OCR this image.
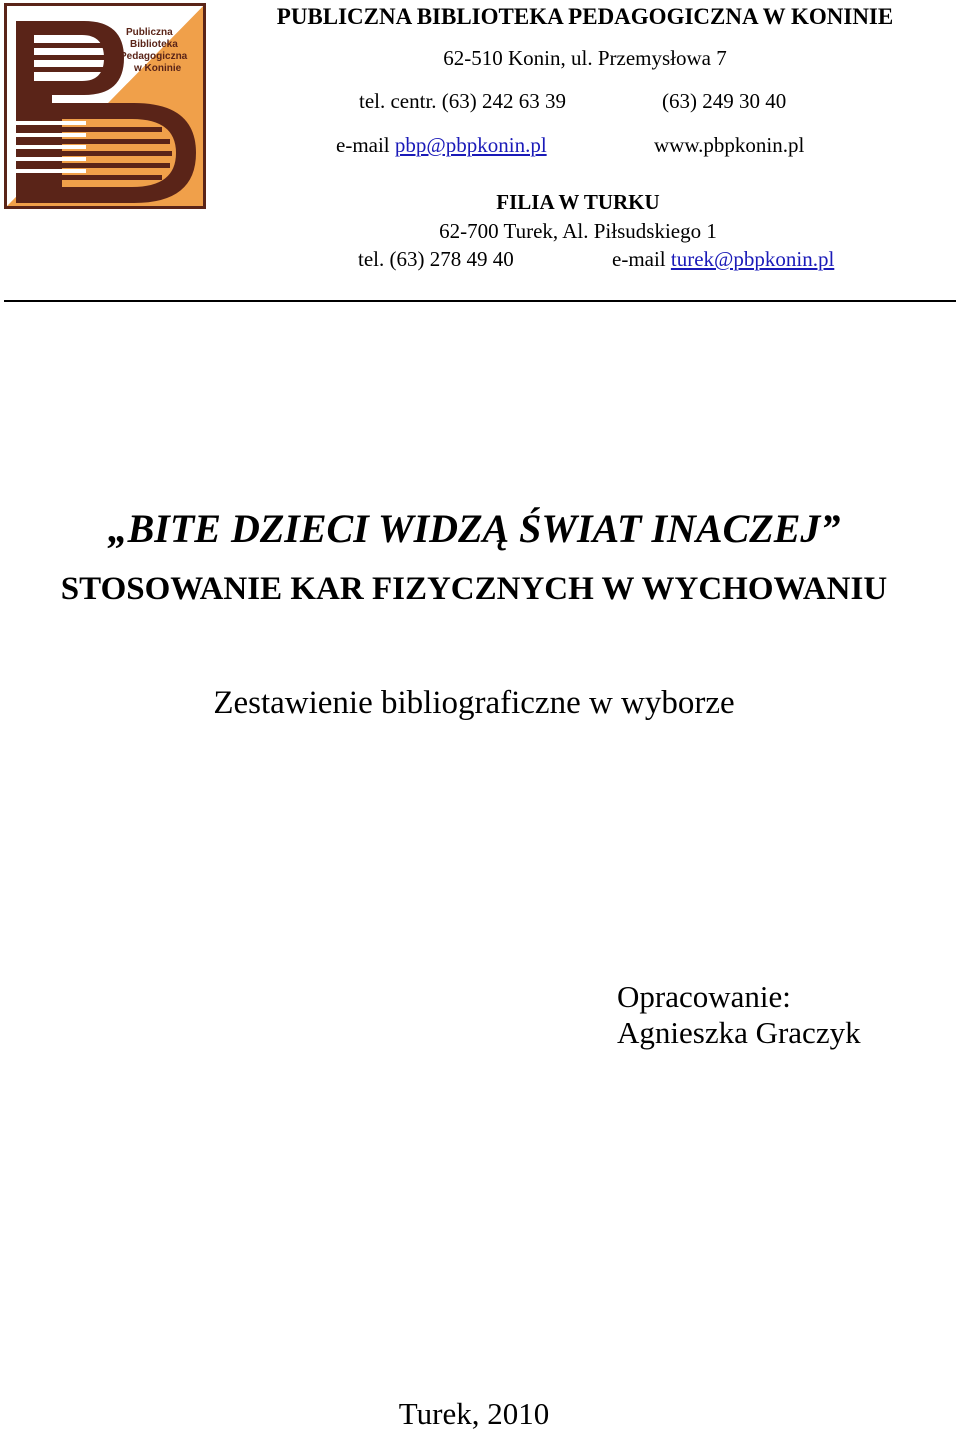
Publiczna
Biblioteka
Pedagogiczna
w Koninie
PUBLICZNA BIBLIOTEKA PEDAGOGICZNA W KONINIE
62-510 Konin, ul. Przemysłowa 7
tel. centr. (63) 242 63 39	(63) 249 30 40
e-mail pbp@pbpkonin.pl	www.pbpkonin.pl
FILIA W TURKU
62-700 Turek, Al. Piłsudskiego 1
tel. (63) 278 49 40	e-mail turek@pbpkonin.pl
„BITE DZIECI WIDZĄ ŚWIAT INACZEJ”
STOSOWANIE KAR FIZYCZNYCH W WYCHOWANIU
Zestawienie bibliograficzne w wyborze
Opracowanie:
Agnieszka Graczyk
Turek, 2010
